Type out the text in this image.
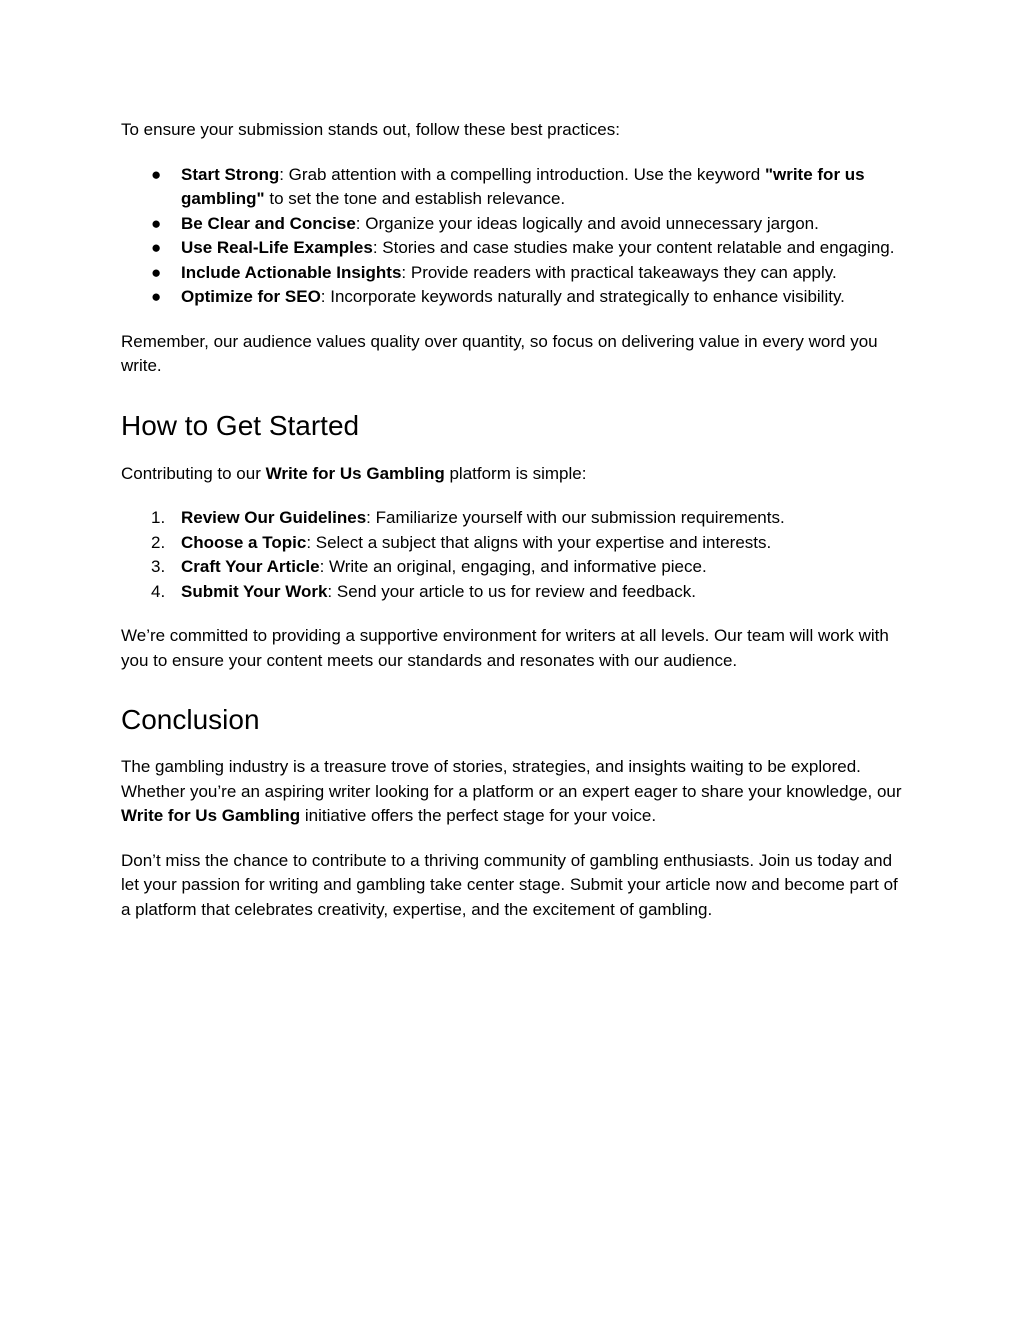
To ensure your submission stands out, follow these best practices:

● Start Strong: Grab attention with a compelling introduction. Use the keyword "write for us gambling" to set the tone and establish relevance.
● Be Clear and Concise: Organize your ideas logically and avoid unnecessary jargon.
● Use Real-Life Examples: Stories and case studies make your content relatable and engaging.
● Include Actionable Insights: Provide readers with practical takeaways they can apply.
● Optimize for SEO: Incorporate keywords naturally and strategically to enhance visibility.

Remember, our audience values quality over quantity, so focus on delivering value in every word you write.

How to Get Started

Contributing to our Write for Us Gambling platform is simple:

1. Review Our Guidelines: Familiarize yourself with our submission requirements.
2. Choose a Topic: Select a subject that aligns with your expertise and interests.
3. Craft Your Article: Write an original, engaging, and informative piece.
4. Submit Your Work: Send your article to us for review and feedback.

We’re committed to providing a supportive environment for writers at all levels. Our team will work with you to ensure your content meets our standards and resonates with our audience.

Conclusion

The gambling industry is a treasure trove of stories, strategies, and insights waiting to be explored. Whether you’re an aspiring writer looking for a platform or an expert eager to share your knowledge, our Write for Us Gambling initiative offers the perfect stage for your voice.

Don’t miss the chance to contribute to a thriving community of gambling enthusiasts. Join us today and let your passion for writing and gambling take center stage. Submit your article now and become part of a platform that celebrates creativity, expertise, and the excitement of gambling.
